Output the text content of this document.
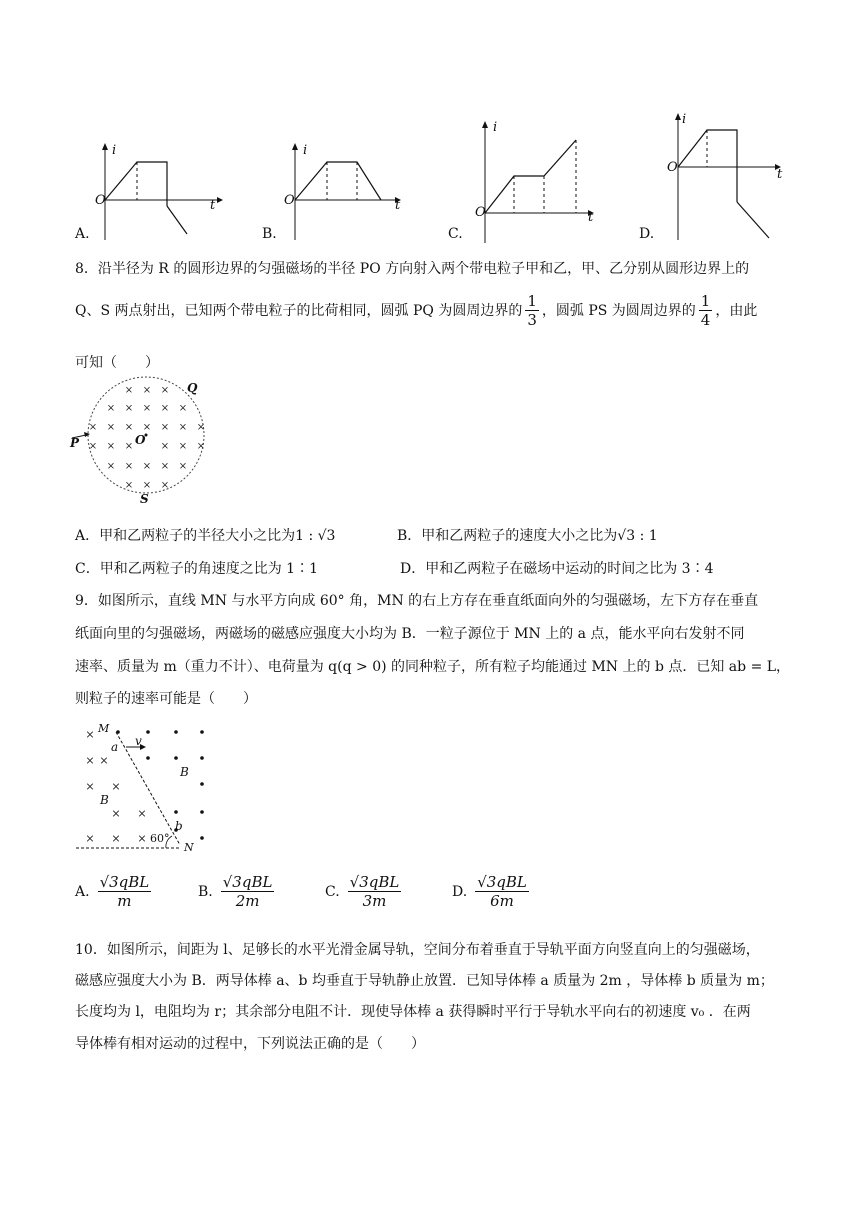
i
t
O
A.
i
t
O
B.
i
t
O
C.
i
t
O
D.
8．沿半径为 R 的圆形边界的匀强磁场的半径 PO 方向射入两个带电粒子甲和乙，甲、乙分别从圆形边界上的
Q、S 两点射出，已知两个带电粒子的比荷相同，圆弧 PQ 为圆周边界的 $\frac{1}{3}$ ，圆弧 PS 为圆周边界的 $\frac{1}{4}$ ，由此
可知（　　）
× × ×
× × × × ×
× × × × × × ×
× × ×	× × ×
× × × × ×
× × ×
P	O
Q
S
A．甲和乙两粒子的半径大小之比为1 : √3	B．甲和乙两粒子的速度大小之比为√3 : 1
C．甲和乙两粒子的角速度之比为 1∶1	D．甲和乙两粒子在磁场中运动的时间之比为 3∶4
9．如图所示，直线 MN 与水平方向成 60° 角，MN 的右上方存在垂直纸面向外的匀强磁场，左下方存在垂直
纸面向里的匀强磁场，两磁场的磁感应强度大小均为 B．一粒子源位于 MN 上的 a 点，能水平向右发射不同
速率、质量为 m（重力不计）、电荷量为 q(q > 0) 的同种粒子，所有粒子均能通过 MN 上的 b 点．已知 ab = L，
则粒子的速率可能是（　　）
×
× ×
× ×
× ×
× × ×
M
a v
B
B
b
60°
N
A. $\frac{\text{√3qBL}}{m}$	B. $\frac{\text{√3qBL}}{2m}$	C. $\frac{\text{√3qBL}}{3m}$	D. $\frac{\text{√3qBL}}{6m}$
10．如图所示，间距为 l、足够长的水平光滑金属导轨，空间分布着垂直于导轨平面方向竖直向上的匀强磁场，
磁感应强度大小为 B．两导体棒 a、b 均垂直于导轨静止放置．已知导体棒 a 质量为 2m ，导体棒 b 质量为 m；
长度均为 l，电阻均为 r；其余部分电阻不计．现使导体棒 a 获得瞬时平行于导轨水平向右的初速度 v₀ ．在两
导体棒有相对运动的过程中，下列说法正确的是（　　）
